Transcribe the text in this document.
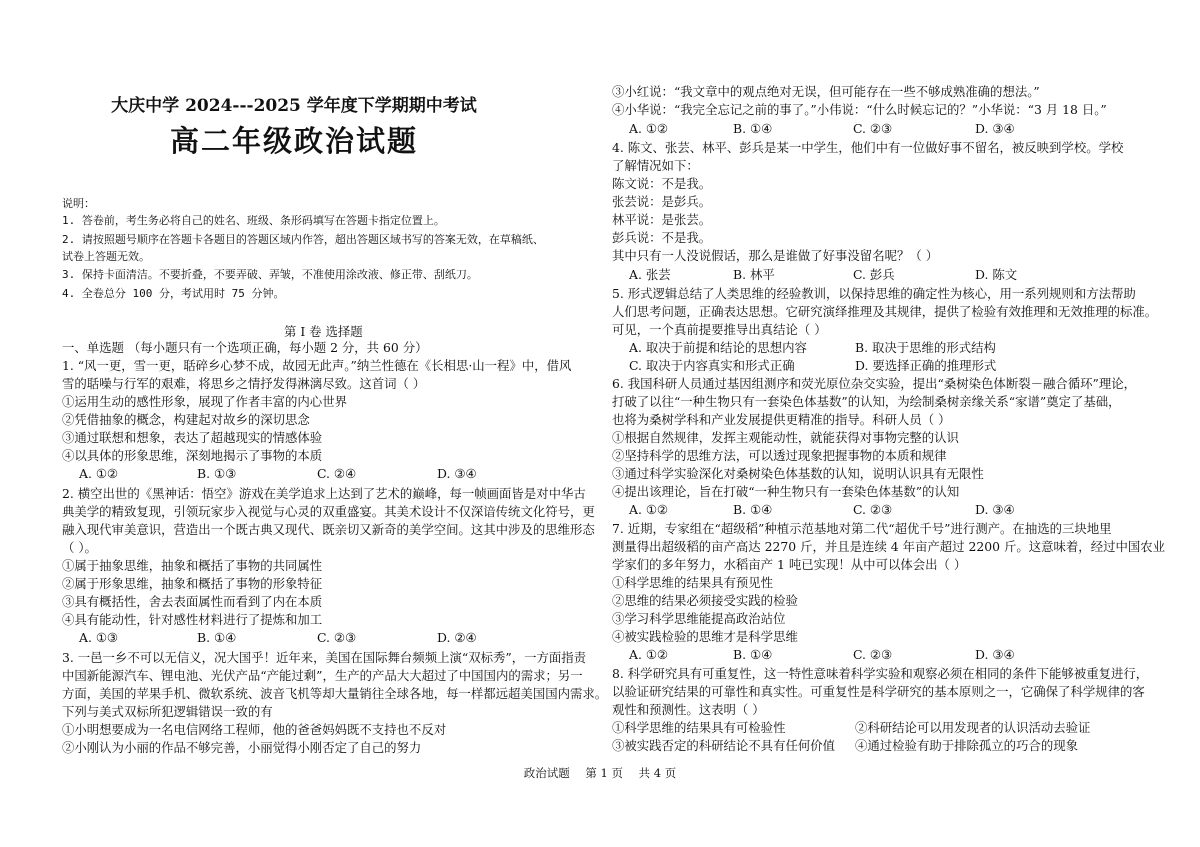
大庆中学 2024---2025 学年度下学期期中考试
高二年级政治试题
说明：
1. 答卷前，考生务必将自己的姓名、班级、条形码填写在答题卡指定位置上。
2. 请按照题号顺序在答题卡各题目的答题区域内作答，超出答题区域书写的答案无效，在草稿纸、
试卷上答题无效。
3. 保持卡面清洁。不要折叠，不要弄破、弄皱，不准使用涂改液、修正带、刮纸刀。
4. 全卷总分 100 分，考试用时 75 分钟。
第 I 卷 选择题
一、单选题 （每小题只有一个选项正确，每小题 2 分，共 60 分）
1. “风一更，雪一更，聒碎乡心梦不成，故园无此声。”纳兰性德在《长相思·山一程》中，借风
雪的聒噪与行军的艰难，将思乡之情抒发得淋漓尽致。这首词（ ）
①运用生动的感性形象，展现了作者丰富的内心世界
②凭借抽象的概念，构建起对故乡的深切思念
③通过联想和想象，表达了超越现实的情感体验
④以具体的形象思维，深刻地揭示了事物的本质
A. ①②	B. ①③	C. ②④	D. ③④
2. 横空出世的《黑神话：悟空》游戏在美学追求上达到了艺术的巅峰，每一帧画面皆是对中华古
典美学的精致复现，引领玩家步入视觉与心灵的双重盛宴。其美术设计不仅深谙传统文化符号，更
融入现代审美意识，营造出一个既古典又现代、既亲切又新奇的美学空间。这其中涉及的思维形态
（ ）。
①属于抽象思维，抽象和概括了事物的共同属性
②属于形象思维，抽象和概括了事物的形象特征
③具有概括性，舍去表面属性而看到了内在本质
④具有能动性，针对感性材料进行了提炼和加工
A. ①③	B. ①④	C. ②③	D. ②④
3. 一邑一乡不可以无信义，况大国乎！近年来，美国在国际舞台频频上演“双标秀”，一方面指责
中国新能源汽车、锂电池、光伏产品“产能过剩”，生产的产品大大超过了中国国内的需求；另一
方面，美国的苹果手机、微软系统、波音飞机等却大量销往全球各地，每一样都远超美国国内需求。
下列与美式双标所犯逻辑错误一致的有
①小明想要成为一名电信网络工程师，他的爸爸妈妈既不支持也不反对
②小刚认为小丽的作品不够完善，小丽觉得小刚否定了自己的努力
③小红说：“我文章中的观点绝对无误，但可能存在一些不够成熟准确的想法。”
④小华说：“我完全忘记之前的事了。”小伟说：“什么时候忘记的？”小华说：“3 月 18 日。”
A. ①②	B. ①④	C. ②③	D. ③④
4. 陈文、张芸、林平、彭兵是某一中学生，他们中有一位做好事不留名，被反映到学校。学校
了解情况如下：
陈文说：不是我。
张芸说：是彭兵。
林平说：是张芸。
彭兵说：不是我。
其中只有一人没说假话，那么是谁做了好事没留名呢？（ ）
A. 张芸	B. 林平	C. 彭兵	D. 陈文
5. 形式逻辑总结了人类思维的经验教训，以保持思维的确定性为核心，用一系列规则和方法帮助
人们思考问题，正确表达思想。它研究演绎推理及其规律，提供了检验有效推理和无效推理的标准。
可见，一个真前提要推导出真结论（ ）
A. 取决于前提和结论的思想内容	B. 取决于思维的形式结构
C. 取决于内容真实和形式正确	D. 要选择正确的推理形式
6. 我国科研人员通过基因组测序和荧光原位杂交实验，提出“桑树染色体断裂－融合循环”理论，
打破了以往“一种生物只有一套染色体基数”的认知，为绘制桑树亲缘关系“家谱”奠定了基础，
也将为桑树学科和产业发展提供更精准的指导。科研人员（ ）
①根据自然规律，发挥主观能动性，就能获得对事物完整的认识
②坚持科学的思维方法，可以透过现象把握事物的本质和规律
③通过科学实验深化对桑树染色体基数的认知，说明认识具有无限性
④提出该理论，旨在打破“一种生物只有一套染色体基数”的认知
A. ①②	B. ①④	C. ②③	D. ③④
7. 近期，专家组在“超级稻”种植示范基地对第二代“超优千号”进行测产。在抽选的三块地里
测量得出超级稻的亩产高达 2270 斤，并且是连续 4 年亩产超过 2200 斤。这意味着，经过中国农业
学家们的多年努力，水稻亩产 1 吨已实现！从中可以体会出（ ）
①科学思维的结果具有预见性
②思维的结果必须接受实践的检验
③学习科学思维能提高政治站位
④被实践检验的思维才是科学思维
A. ①②	B. ①④	C. ②③	D. ③④
8. 科学研究具有可重复性，这一特性意味着科学实验和观察必须在相同的条件下能够被重复进行，
以验证研究结果的可靠性和真实性。可重复性是科学研究的基本原则之一，它确保了科学规律的客
观性和预测性。这表明（ ）
①科学思维的结果具有可检验性	②科研结论可以用发现者的认识活动去验证
③被实践否定的科研结论不具有任何价值	④通过检验有助于排除孤立的巧合的现象
政治试题 第 1 页 共 4 页
